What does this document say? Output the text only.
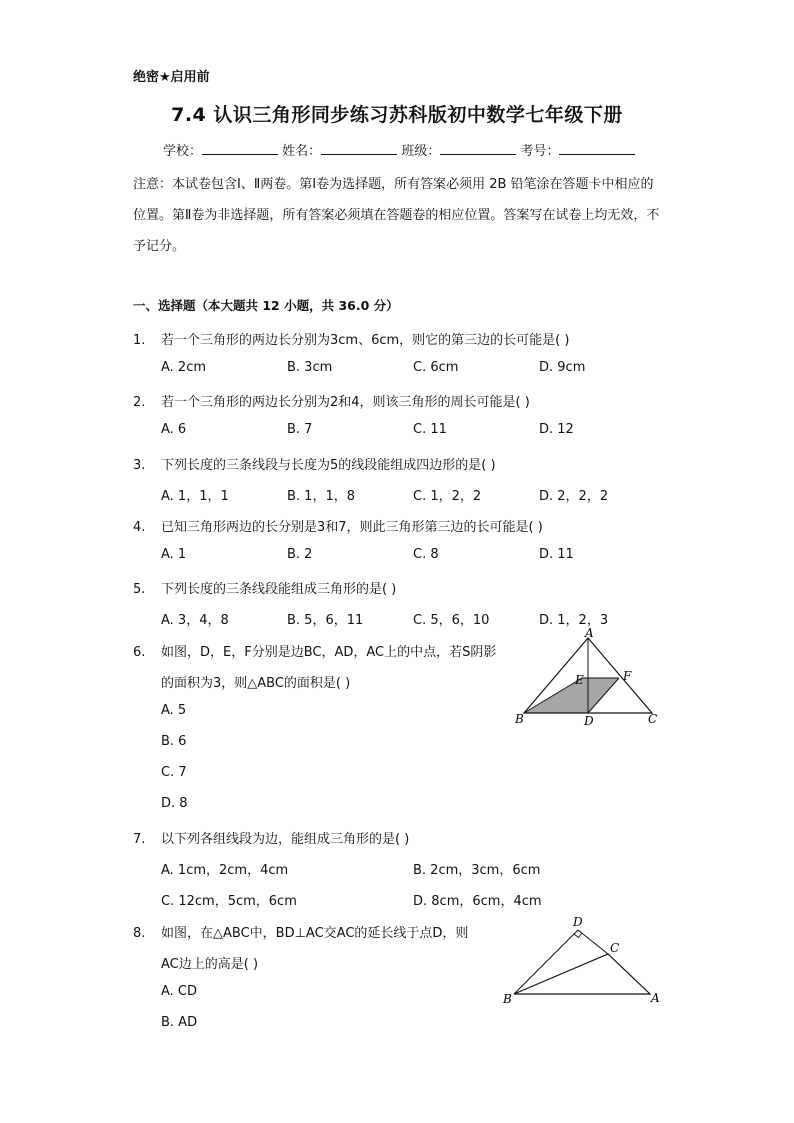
绝密★启用前
7.4 认识三角形同步练习苏科版初中数学七年级下册
学校：	姓名：	班级：	考号：
注意：本试卷包含Ⅰ、Ⅱ两卷。第Ⅰ卷为选择题，所有答案必须用 2B 铅笔涂在答题卡中相应的位置。第Ⅱ卷为非选择题，所有答案必须填在答题卷的相应位置。答案写在试卷上均无效，不予记分。
一、选择题（本大题共 12 小题，共 36.0 分）
1. 若一个三角形的两边长分别为3cm、6cm，则它的第三边的长可能是( )
A. 2cm	B. 3cm	C. 6cm	D. 9cm
2. 若一个三角形的两边长分别为2和4，则该三角形的周长可能是( )
A. 6	B. 7	C. 11	D. 12
3. 下列长度的三条线段与长度为5的线段能组成四边形的是( )
A. 1，1，1	B. 1，1，8	C. 1，2，2	D. 2，2，2
4. 已知三角形两边的长分别是3和7，则此三角形第三边的长可能是( )
A. 1	B. 2	C. 8	D. 11
5. 下列长度的三条线段能组成三角形的是( )
A. 3，4，8	B. 5，6，11	C. 5，6，10	D. 1，2，3
6. 如图，D，E，F分别是边BC，AD，AC上的中点，若S阴影
的面积为3，则△ABC的面积是( )
A. 5
B. 6
C. 7
D. 8
A
B	C
D
E	F
7. 以下列各组线段为边，能组成三角形的是( )
A. 1cm，2cm，4cm	B. 2cm，3cm，6cm
C. 12cm，5cm，6cm	D. 8cm，6cm，4cm
8. 如图，在△ABC中，BD⊥AC交AC的延长线于点D，则
AC边上的高是( )
A. CD
B. AD
D
C
B	A
